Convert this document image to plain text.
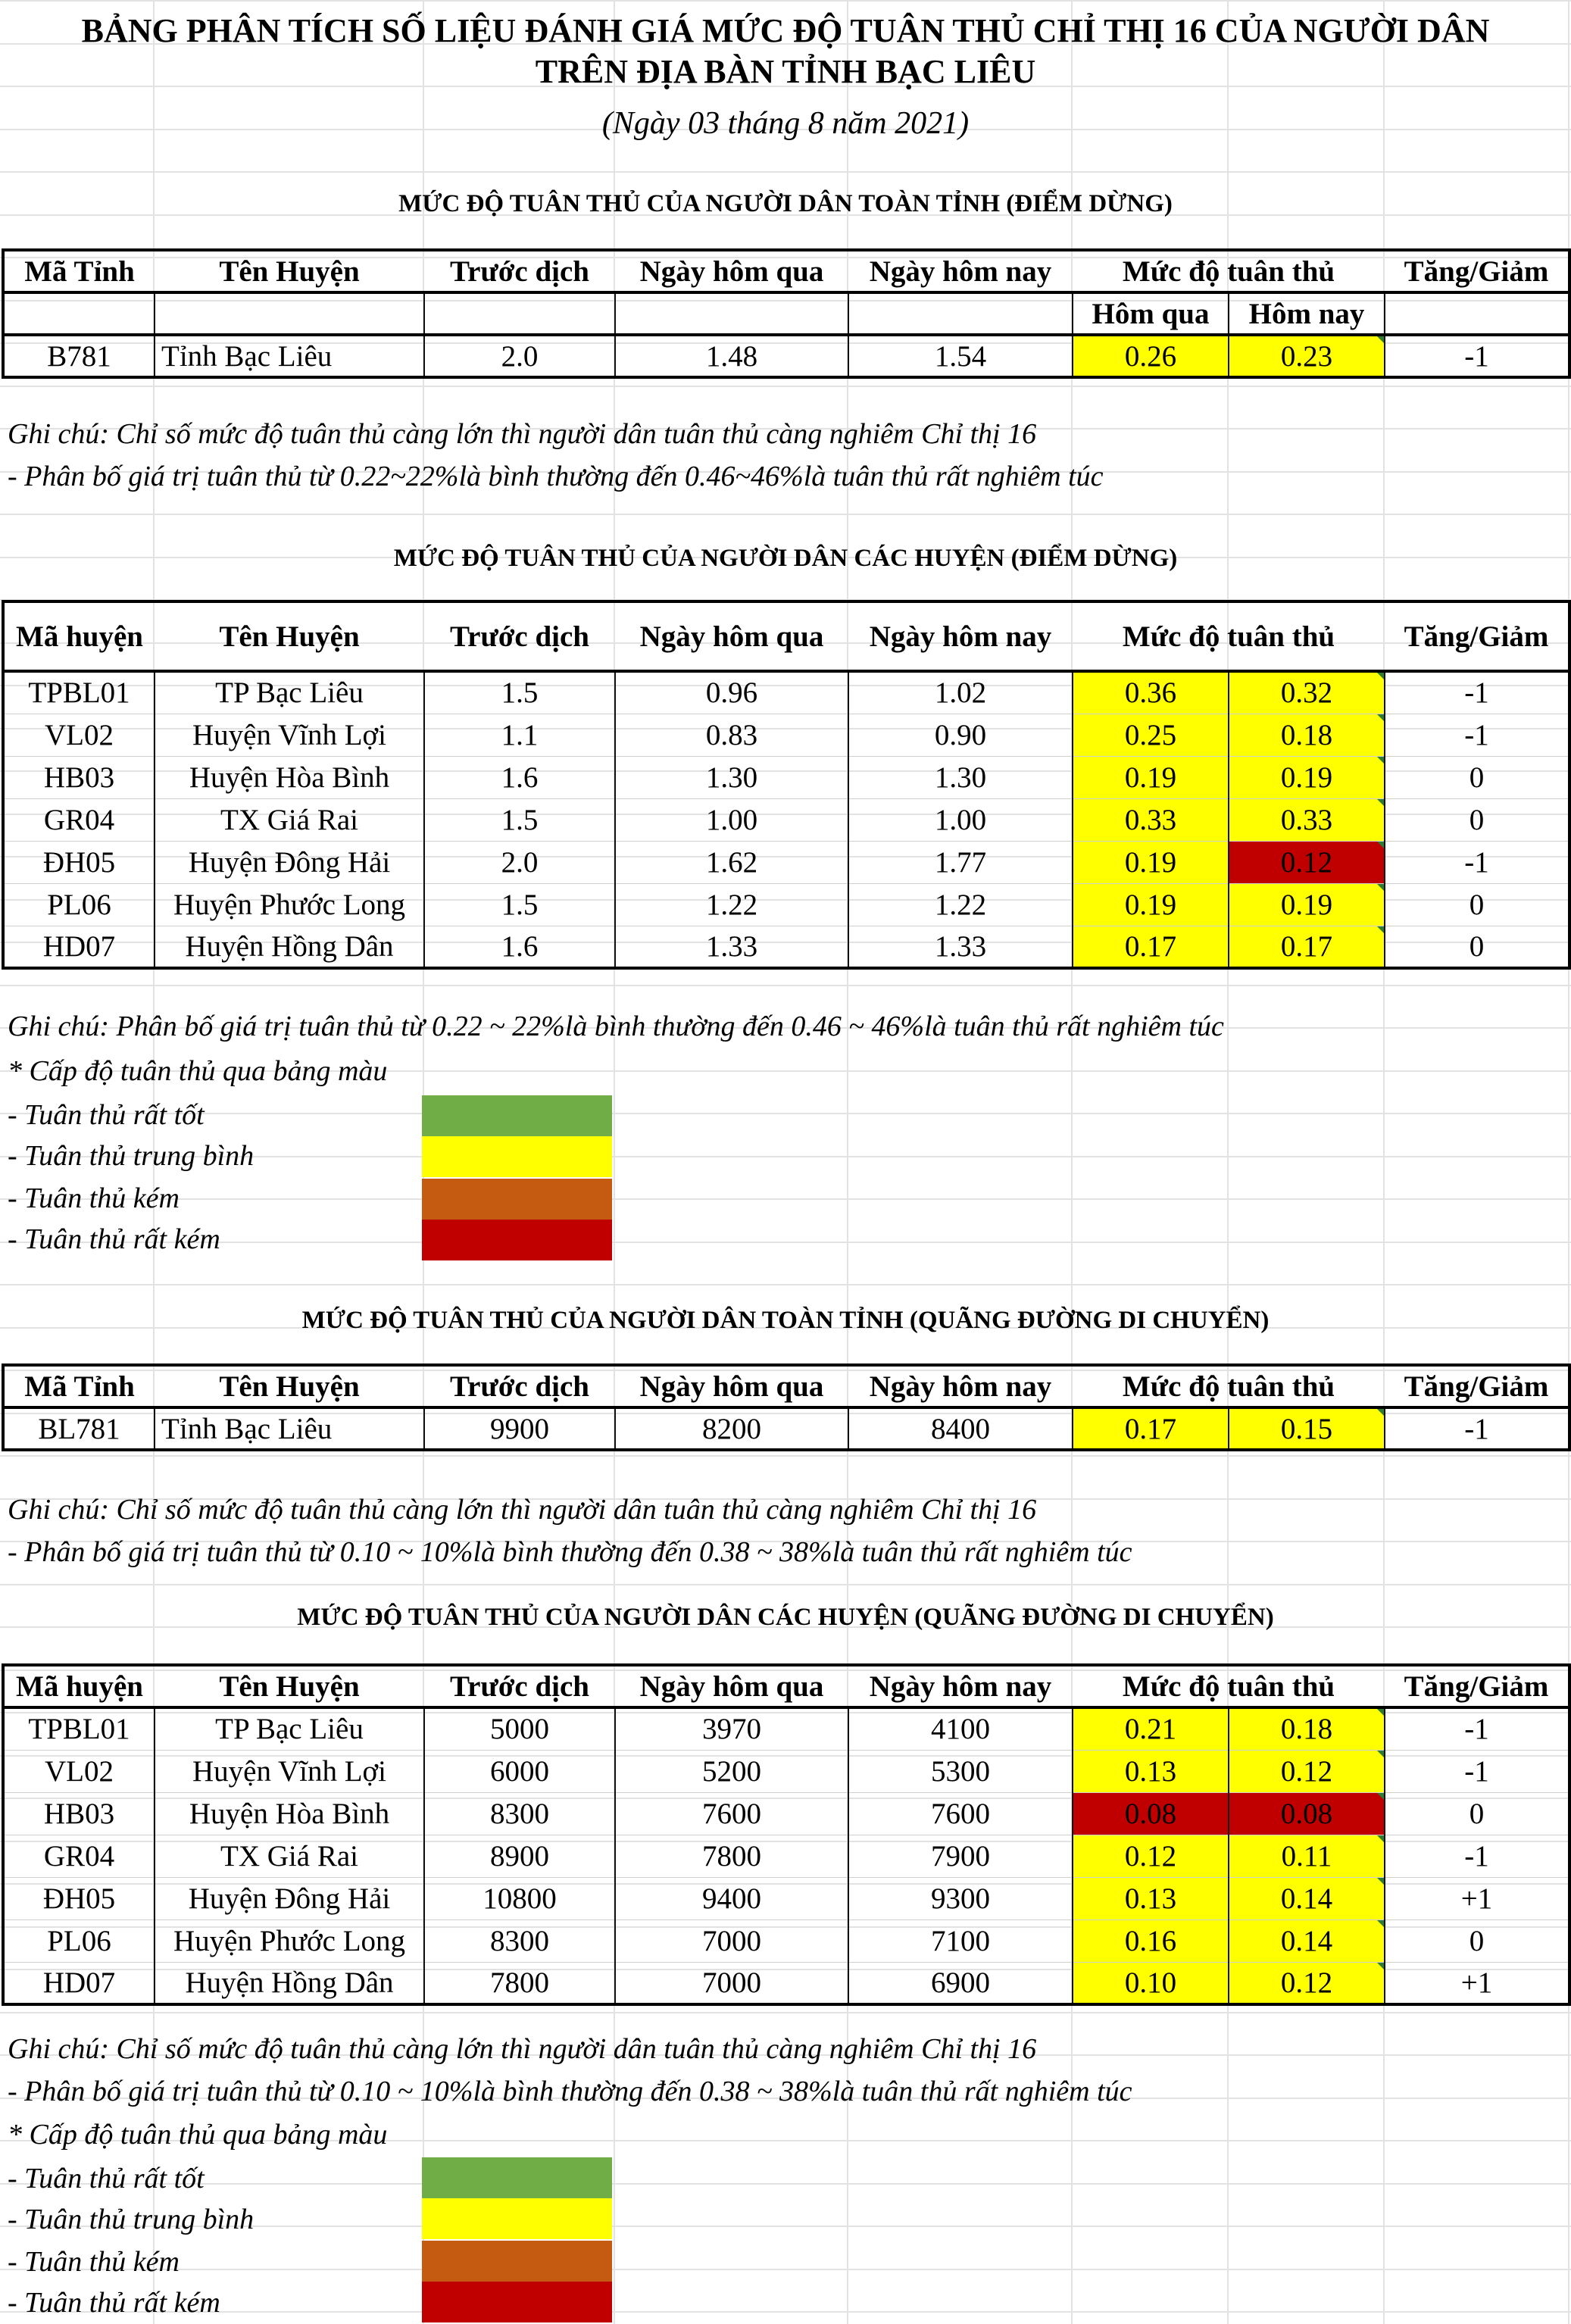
BẢNG PHÂN TÍCH SỐ LIỆU ĐÁNH GIÁ MỨC ĐỘ TUÂN THỦ CHỈ THỊ 16 CỦA NGƯỜI DÂN
TRÊN ĐỊA BÀN TỈNH BẠC LIÊU
(Ngày 03 tháng 8 năm 2021)
MỨC ĐỘ TUÂN THỦ CỦA NGƯỜI DÂN TOÀN TỈNH (ĐIỂM DỪNG)
Mã Tỉnh	Tên Huyện	Trước dịch	Ngày hôm qua	Ngày hôm nay	Mức độ tuân thủ		Tăng/Giảm
					Hôm qua	Hôm nay	
B781	Tỉnh Bạc Liêu	2.0	1.48	1.54	0.26	0.23	-1
Ghi chú: Chỉ số mức độ tuân thủ càng lớn thì người dân tuân thủ càng nghiêm Chỉ thị 16
- Phân bố giá trị tuân thủ từ 0.22~22%là bình thường đến 0.46~46%là tuân thủ rất nghiêm túc
MỨC ĐỘ TUÂN THỦ CỦA NGƯỜI DÂN CÁC HUYỆN (ĐIỂM DỪNG)
Mã huyện	Tên Huyện	Trước dịch	Ngày hôm qua	Ngày hôm nay	Mức độ tuân thủ		Tăng/Giảm
TPBL01	TP Bạc Liêu	1.5	0.96	1.02	0.36	0.32	-1
VL02	Huyện Vĩnh Lợi	1.1	0.83	0.90	0.25	0.18	-1
HB03	Huyện Hòa Bình	1.6	1.30	1.30	0.19	0.19	0
GR04	TX Giá Rai	1.5	1.00	1.00	0.33	0.33	0
ĐH05	Huyện Đông Hải	2.0	1.62	1.77	0.19	0.12	-1
PL06	Huyện Phước Long	1.5	1.22	1.22	0.19	0.19	0
HD07	Huyện Hồng Dân	1.6	1.33	1.33	0.17	0.17	0
Ghi chú: Phân bố giá trị tuân thủ từ 0.22 ~ 22%là bình thường đến 0.46 ~ 46%là tuân thủ rất nghiêm túc
* Cấp độ tuân thủ qua bảng màu
- Tuân thủ rất tốt
- Tuân thủ trung bình
- Tuân thủ kém
- Tuân thủ rất kém
MỨC ĐỘ TUÂN THỦ CỦA NGƯỜI DÂN TOÀN TỈNH (QUÃNG ĐƯỜNG DI CHUYỂN)
Mã Tỉnh	Tên Huyện	Trước dịch	Ngày hôm qua	Ngày hôm nay	Mức độ tuân thủ		Tăng/Giảm
BL781	Tỉnh Bạc Liêu	9900	8200	8400	0.17	0.15	-1
Ghi chú: Chỉ số mức độ tuân thủ càng lớn thì người dân tuân thủ càng nghiêm Chỉ thị 16
- Phân bố giá trị tuân thủ từ 0.10 ~ 10%là bình thường đến 0.38 ~ 38%là tuân thủ rất nghiêm túc
MỨC ĐỘ TUÂN THỦ CỦA NGƯỜI DÂN CÁC HUYỆN (QUÃNG ĐƯỜNG DI CHUYỂN)
Mã huyện	Tên Huyện	Trước dịch	Ngày hôm qua	Ngày hôm nay	Mức độ tuân thủ		Tăng/Giảm
TPBL01	TP Bạc Liêu	5000	3970	4100	0.21	0.18	-1
VL02	Huyện Vĩnh Lợi	6000	5200	5300	0.13	0.12	-1
HB03	Huyện Hòa Bình	8300	7600	7600	0.08	0.08	0
GR04	TX Giá Rai	8900	7800	7900	0.12	0.11	-1
ĐH05	Huyện Đông Hải	10800	9400	9300	0.13	0.14	+1
PL06	Huyện Phước Long	8300	7000	7100	0.16	0.14	0
HD07	Huyện Hồng Dân	7800	7000	6900	0.10	0.12	+1
Ghi chú: Chỉ số mức độ tuân thủ càng lớn thì người dân tuân thủ càng nghiêm Chỉ thị 16
- Phân bố giá trị tuân thủ từ 0.10 ~ 10%là bình thường đến 0.38 ~ 38%là tuân thủ rất nghiêm túc
* Cấp độ tuân thủ qua bảng màu
- Tuân thủ rất tốt
- Tuân thủ trung bình
- Tuân thủ kém
- Tuân thủ rất kém
